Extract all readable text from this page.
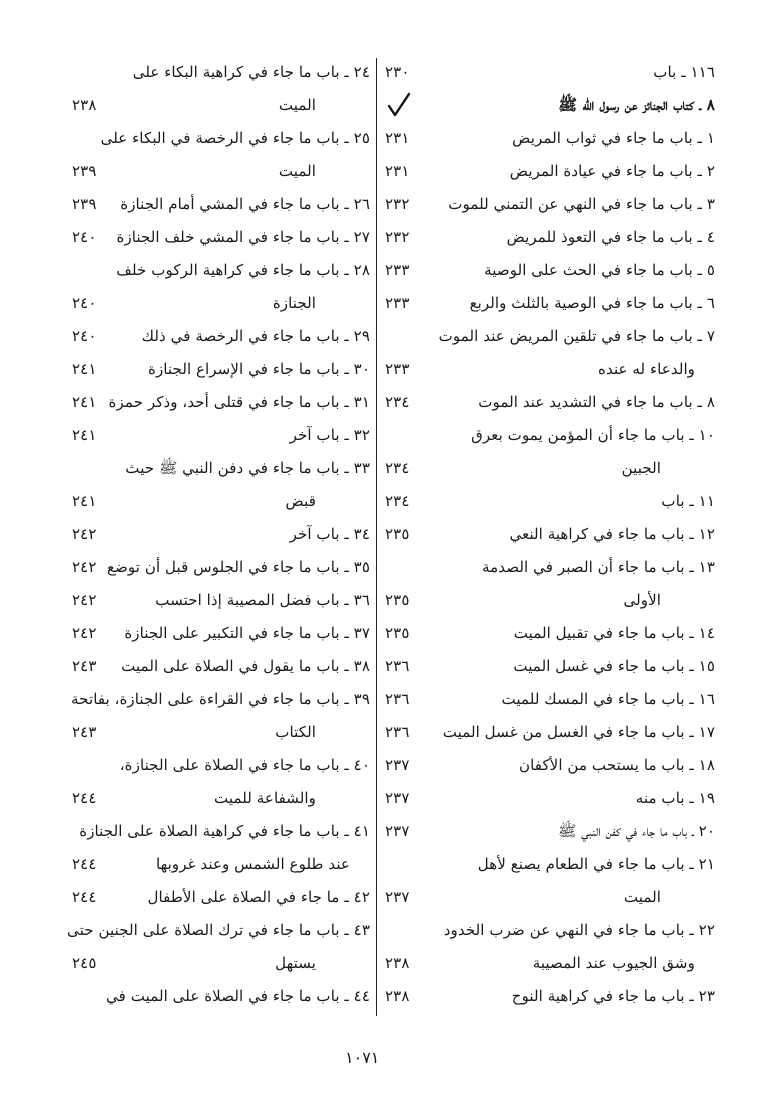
١١٦ ـ باب
٢٣٠
٨ ـ كتاب الجنائز عن رسول الله ﷺ
١ ـ باب ما جاء في ثواب المريض
٢٣١
٢ ـ باب ما جاء في عيادة المريض
٢٣١
٣ ـ باب ما جاء في النهي عن التمني للموت
٢٣٢
٤ ـ باب ما جاء في التعوذ للمريض
٢٣٢
٥ ـ باب ما جاء في الحث على الوصية
٢٣٣
٦ ـ باب ما جاء في الوصية بالثلث والربع
٢٣٣
٧ ـ باب ما جاء في تلقين المريض عند الموت
والدعاء له عنده
٢٣٣
٨ ـ باب ما جاء في التشديد عند الموت
٢٣٤
١٠ ـ باب ما جاء أن المؤمن يموت بعرق
الجبين
٢٣٤
١١ ـ باب
٢٣٤
١٢ ـ باب ما جاء في كراهية النعي
٢٣٥
١٣ ـ باب ما جاء أن الصبر في الصدمة
الأولى
٢٣٥
١٤ ـ باب ما جاء في تقبيل الميت
٢٣٥
١٥ ـ باب ما جاء في غسل الميت
٢٣٦
١٦ ـ باب ما جاء في المسك للميت
٢٣٦
١٧ ـ باب ما جاء في الغسل من غسل الميت
٢٣٦
١٨ ـ باب ما يستحب من الأكفان
٢٣٧
١٩ ـ باب منه
٢٣٧
٢٠ ـ باب ما جاء في كفن النبي ﷺ
٢٣٧
٢١ ـ باب ما جاء في الطعام يصنع لأهل
الميت
٢٣٧
٢٢ ـ باب ما جاء في النهي عن ضرب الخدود
وشق الجيوب عند المصيبة
٢٣٨
٢٣ ـ باب ما جاء في كراهية النوح
٢٣٨
٢٤ ـ باب ما جاء في كراهية البكاء على
الميت
٢٣٨
٢٥ ـ باب ما جاء في الرخصة في البكاء على
الميت
٢٣٩
٢٦ ـ باب ما جاء في المشي أمام الجنازة
٢٣٩
٢٧ ـ باب ما جاء في المشي خلف الجنازة
٢٤٠
٢٨ ـ باب ما جاء في كراهية الركوب خلف
الجنازة
٢٤٠
٢٩ ـ باب ما جاء في الرخصة في ذلك
٢٤٠
٣٠ ـ باب ما جاء في الإسراع الجنازة
٢٤١
٣١ ـ باب ما جاء في قتلى أحد، وذكر حمزة
٢٤١
٣٢ ـ باب آخر
٢٤١
٣٣ ـ باب ما جاء في دفن النبي ﷺ حيث
قبض
٢٤١
٣٤ ـ باب آخر
٢٤٢
٣٥ ـ باب ما جاء في الجلوس قبل أن توضع
٢٤٢
٣٦ ـ باب فضل المصيبة إذا احتسب
٢٤٢
٣٧ ـ باب ما جاء في التكبير على الجنازة
٢٤٢
٣٨ ـ باب ما يقول في الصلاة على الميت
٢٤٣
٣٩ ـ باب ما جاء في القراءة على الجنازة، بفاتحة
الكتاب
٢٤٣
٤٠ ـ باب ما جاء في الصلاة على الجنازة،
والشفاعة للميت
٢٤٤
٤١ ـ باب ما جاء في كراهية الصلاة على الجنازة
عند طلوع الشمس وعند غروبها
٢٤٤
٤٢ ـ ما جاء في الصلاة على الأطفال
٢٤٤
٤٣ ـ باب ما جاء في ترك الصلاة على الجنين حتى
يستهل
٢٤٥
٤٤ ـ باب ما جاء في الصلاة على الميت في
١٠٧١
